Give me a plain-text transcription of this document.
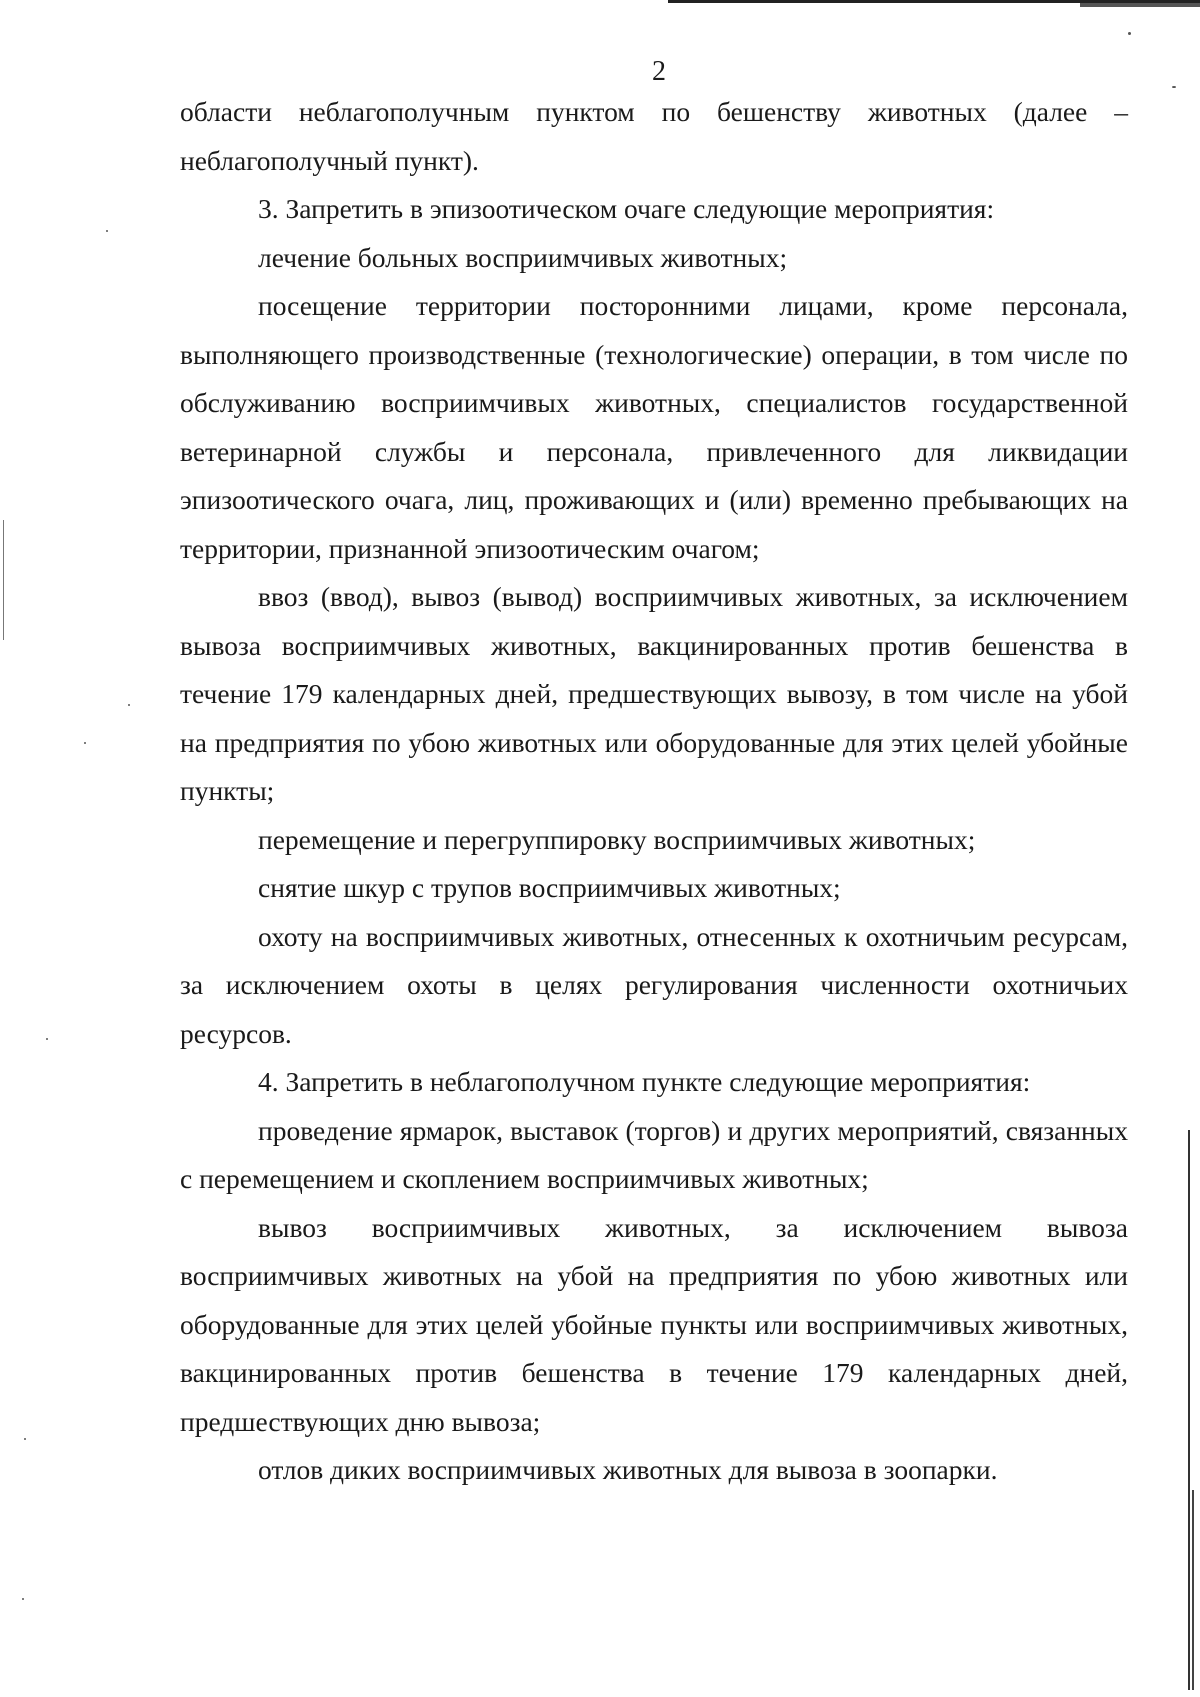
2

области неблагополучным пунктом по бешенству животных (далее – неблагополучный пункт).

3. Запретить в эпизоотическом очаге следующие мероприятия:

лечение больных восприимчивых животных;

посещение территории посторонними лицами, кроме персонала, выполняющего производственные (технологические) операции, в том числе по обслуживанию восприимчивых животных, специалистов государственной ветеринарной службы и персонала, привлеченного для ликвидации эпизоотического очага, лиц, проживающих и (или) временно пребывающих на территории, признанной эпизоотическим очагом;

ввоз (ввод), вывоз (вывод) восприимчивых животных, за исключением вывоза восприимчивых животных, вакцинированных против бешенства в течение 179 календарных дней, предшествующих вывозу, в том числе на убой на предприятия по убою животных или оборудованные для этих целей убойные пункты;

перемещение и перегруппировку восприимчивых животных;

снятие шкур с трупов восприимчивых животных;

охоту на восприимчивых животных, отнесенных к охотничьим ресурсам, за исключением охоты в целях регулирования численности охотничьих ресурсов.

4. Запретить в неблагополучном пункте следующие мероприятия:

проведение ярмарок, выставок (торгов) и других мероприятий, связанных с перемещением и скоплением восприимчивых животных;

вывоз восприимчивых животных, за исключением вывоза восприимчивых животных на убой на предприятия по убою животных или оборудованные для этих целей убойные пункты или восприимчивых животных, вакцинированных против бешенства в течение 179 календарных дней, предшествующих дню вывоза;

отлов диких восприимчивых животных для вывоза в зоопарки.
